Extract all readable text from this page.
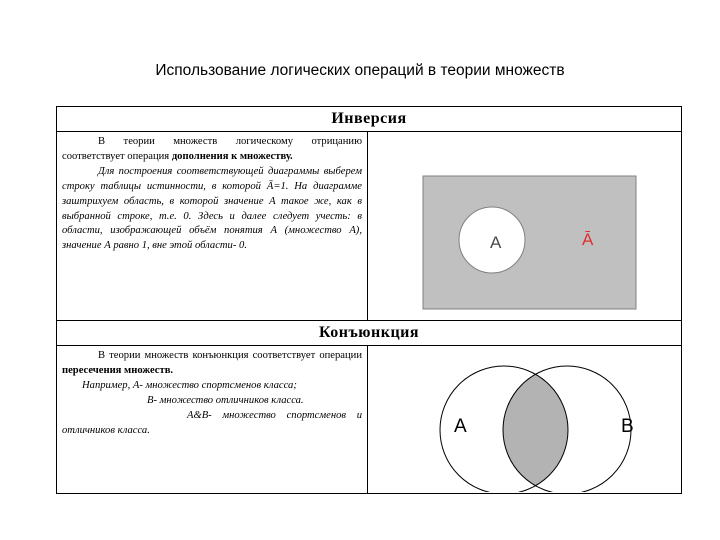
Использование логических операций в теории множеств
Инверсия

В теории множеств логическому отрицанию соответствует операция дополнения к множеству.

Для построения соответствующей диаграммы выберем строку таблицы истинности, в которой Ā=1. На диаграмме заштрихуем область, в которой значение A такое же, как в выбранной строке, т.е. 0. Здесь и далее следует учесть: в области, изображающей объём понятия А (множество А), значение А равно 1, вне этой области- 0.	А	Ā
Конъюнкция

В теории множеств конъюнкция соответствует операции пересечения множеств.

Например, А- множество спортсменов класса;

В- множество отличников класса.

А&В- множество спортсменов и отличников класса.	А	В
